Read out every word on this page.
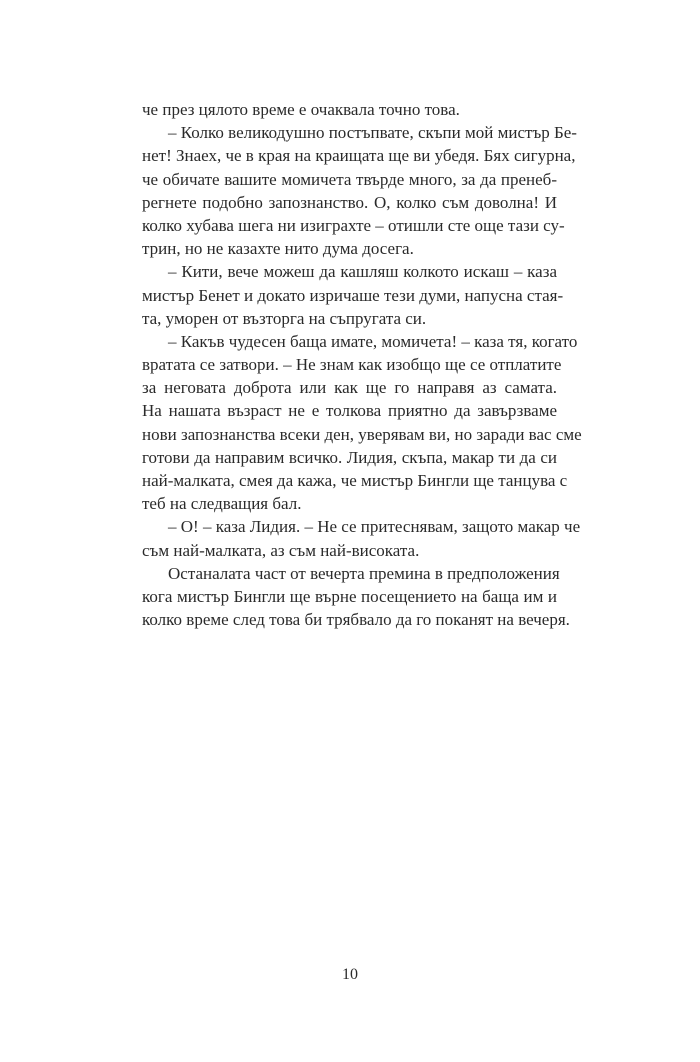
че през цялото време е очаквала точно това.
– Колко великодушно постъпвате, скъпи мой мистър Бе-
нет! Знаех, че в края на краищата ще ви убедя. Бях сигурна,
че обичате вашите момичета твърде много, за да пренеб-
регнете подобно запознанство. О, колко съм доволна! И
колко хубава шега ни изиграхте – отишли сте още тази су-
трин, но не казахте нито дума досега.
– Кити, вече можеш да кашляш колкото искаш – каза
мистър Бенет и докато изричаше тези думи, напусна стая-
та, уморен от възторга на съпругата си.
– Какъв чудесен баща имате, момичета! – каза тя, когато
вратата се затвори. – Не знам как изобщо ще се отплатите
за неговата доброта или как ще го направя аз самата.
На нашата възраст не е толкова приятно да завързваме
нови запознанства всеки ден, уверявам ви, но заради вас сме
готови да направим всичко. Лидия, скъпа, макар ти да си
най-малката, смея да кажа, че мистър Бингли ще танцува с
теб на следващия бал.
– О! – каза Лидия. – Не се притеснявам, защото макар че
съм най-малката, аз съм най-високата.
Останалата част от вечерта премина в предположения
кога мистър Бингли ще върне посещението на баща им и
колко време след това би трябвало да го поканят на вечеря.
10
